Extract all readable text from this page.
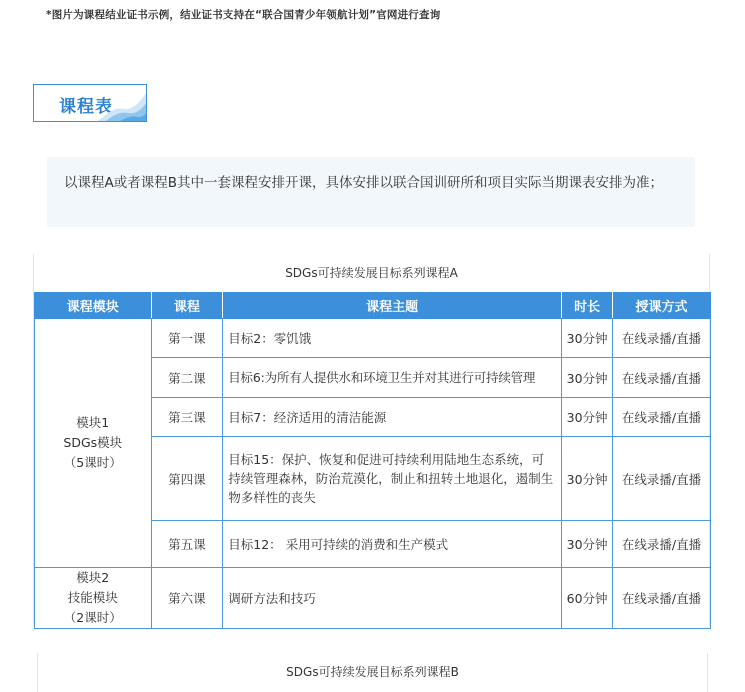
*图片为课程结业证书示例，结业证书支持在“联合国青少年领航计划”官网进行查询
课程表
以课程A或者课程B其中一套课程安排开课，具体安排以联合国训研所和项目实际当期课表安排为准；
SDGs可持续发展目标系列课程A
课程模块	课程	课程主题	时长	授课方式

模块1
SDGs模块
（5课时）	第一课	目标2：零饥饿	30分钟	在线录播/直播
	第二课	目标6:为所有人提供水和环境卫生并对其进行可持续管理	30分钟	在线录播/直播
	第三课	目标7：经济适用的清洁能源	30分钟	在线录播/直播
	第四课	目标15：保护、恢复和促进可持续利用陆地生态系统，可持续管理森林，防治荒漠化，制止和扭转土地退化，遏制生物多样性的丧失	30分钟	在线录播/直播
	第五课	目标12： 采用可持续的消费和生产模式	30分钟	在线录播/直播

模块2
技能模块
（2课时）	第六课	调研方法和技巧	60分钟	在线录播/直播
SDGs可持续发展目标系列课程B
